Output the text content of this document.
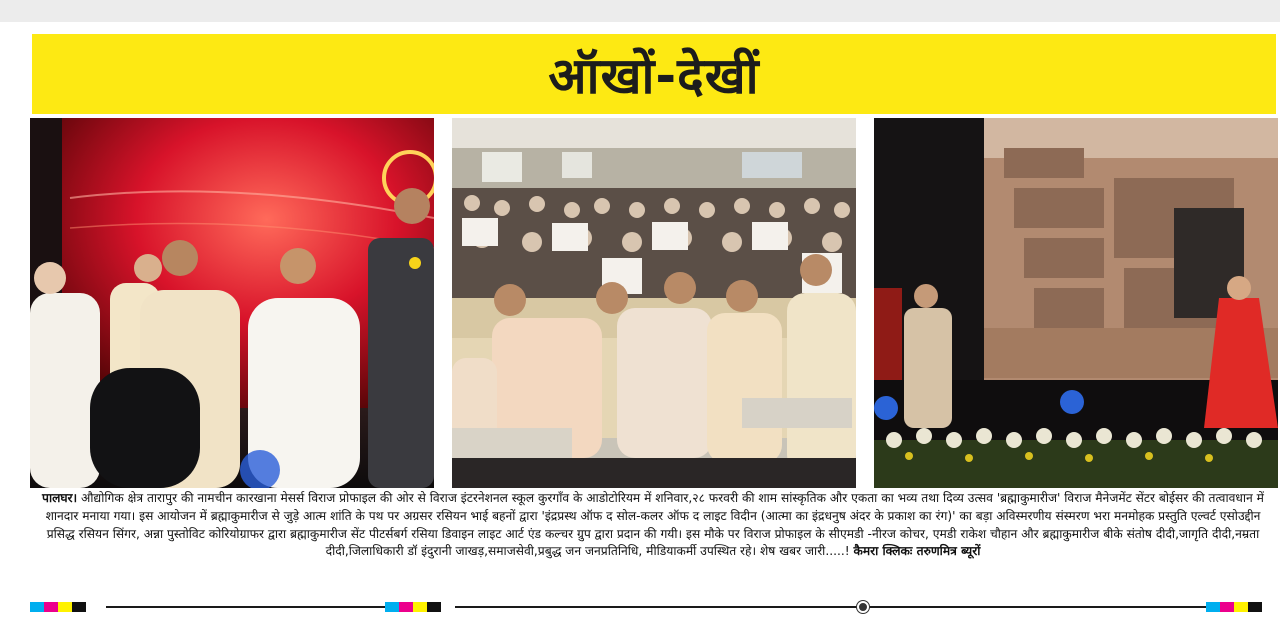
ऑखों-देखीं
पालघर। औद्योगिक क्षेत्र तारापुर की नामचीन कारखाना मेसर्स विराज प्रोफाइल की ओर से विराज इंटरनेशनल स्कूल कुरगाँव के आडोटोरियम में शनिवार,२८ फरवरी की शाम सांस्कृतिक और एकता का भव्य तथा दिव्य उत्सव 'ब्रह्माकुमारीज' विराज मैनेजमेंट सेंटर बोईसर की तत्वावधान में शानदार मनाया गया। इस आयोजन में ब्रह्माकुमारीज से जुड़े आत्म शांति के पथ पर अग्रसर रसियन भाई बहनों द्वारा 'इंद्रप्रस्थ ऑफ द सोल-कलर ऑफ द लाइट विदीन (आत्मा का इंद्रधनुष अंदर के प्रकाश का रंग)' का बड़ा अविस्मरणीय संस्मरण भरा मनमोहक प्रस्तुति एल्वर्ट एसोउद्दीन प्रसिद्ध रसियन सिंगर, अन्ना पुस्तोविट कोरियोग्राफर द्वारा ब्रह्माकुमारीज सेंट पीटर्सबर्ग रसिया डिवाइन लाइट आर्ट एंड कल्चर ग्रुप द्वारा प्रदान की गयी। इस मौके पर विराज प्रोफाइल के सीएमडी -नीरज कोचर, एमडी राकेश चौहान और ब्रह्माकुमारीज बीके संतोष दीदी,जागृति दीदी,नम्रता दीदी,जिलाधिकारी डॉ इंदुरानी जाखड़,समाजसेवी,प्रबुद्ध जन जनप्रतिनिधि, मीडियाकर्मी उपस्थित रहे। शेष खबर जारी.....! कैमरा क्लिकः तरुणमित्र ब्यूरों
